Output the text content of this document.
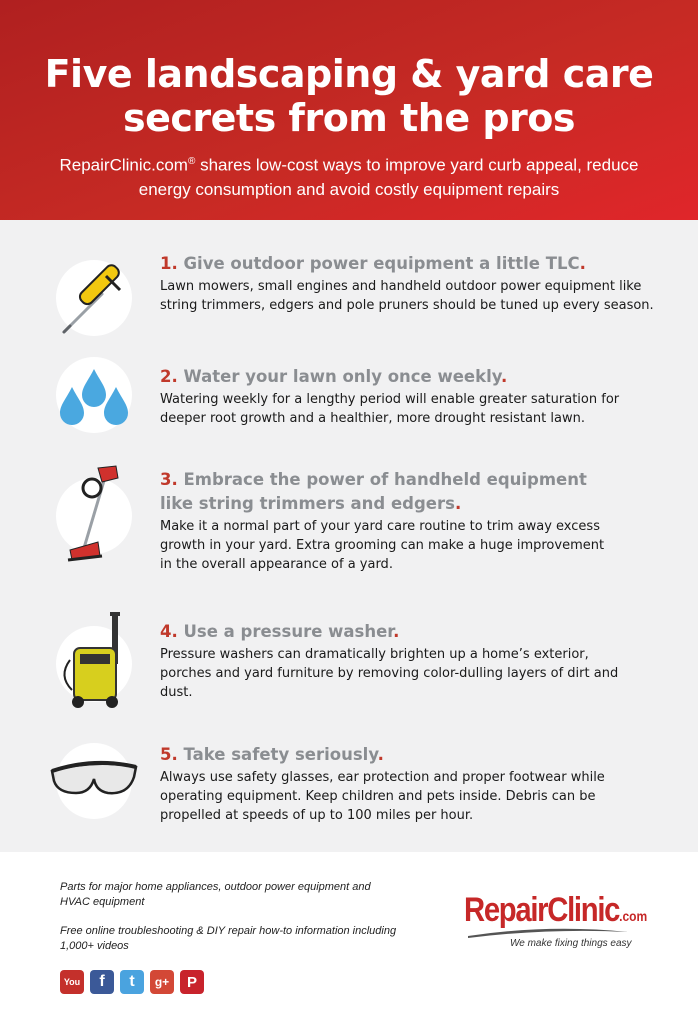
Five landscaping & yard care secrets from the pros
RepairClinic.com® shares low-cost ways to improve yard curb appeal, reduce energy consumption and avoid costly equipment repairs
1. Give outdoor power equipment a little TLC.
Lawn mowers, small engines and handheld outdoor power equipment like string trimmers, edgers and pole pruners should be tuned up every season.
2. Water your lawn only once weekly.
Watering weekly for a lengthy period will enable greater saturation for deeper root growth and a healthier, more drought resistant lawn.
3. Embrace the power of handheld equipment like string trimmers and edgers.
Make it a normal part of your yard care routine to trim away excess growth in your yard. Extra grooming can make a huge improvement in the overall appearance of a yard.
4. Use a pressure washer.
Pressure washers can dramatically brighten up a home’s exterior, porches and yard furniture by removing color-dulling layers of dirt and dust.
5. Take safety seriously.
Always use safety glasses, ear protection and proper footwear while operating equipment. Keep children and pets inside. Debris can be propelled at speeds of up to 100 miles per hour.
Parts for major home appliances, outdoor power equipment and HVAC equipment
Free online troubleshooting & DIY repair how-to information including 1,000+ videos
You	f	t	g+	P
RepairClinic.com
We make fixing things easy
